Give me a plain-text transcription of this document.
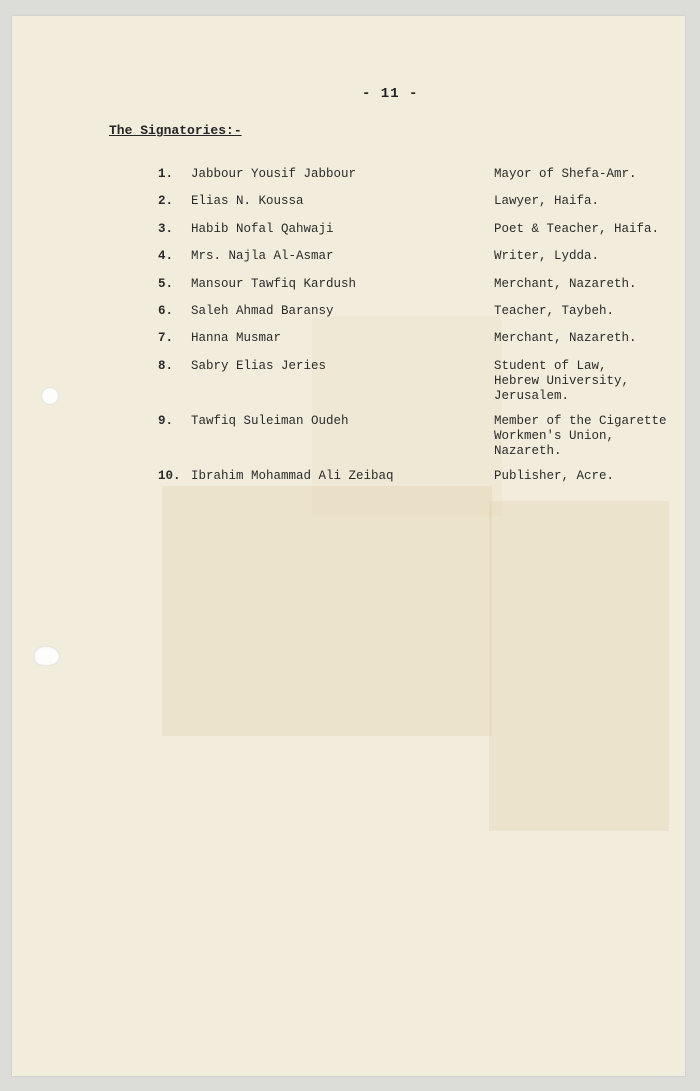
- 11 -
The Signatories:-
1. Jabbour Yousif Jabbour	Mayor of Shefa-Amr.
2. Elias N. Koussa	Lawyer, Haifa.
3. Habib Nofal Qahwaji	Poet & Teacher, Haifa.
4. Mrs. Najla Al-Asmar	Writer, Lydda.
5. Mansour Tawfiq Kardush	Merchant, Nazareth.
6. Saleh Ahmad Baransy	Teacher, Taybeh.
7. Hanna Musmar	Merchant, Nazareth.
8. Sabry Elias Jeries	Student of Law,
Hebrew University,
Jerusalem.
9. Tawfiq Suleiman Oudeh	Member of the Cigarette
Workmen's Union,
Nazareth.
10. Ibrahim Mohammad Ali Zeibaq	Publisher, Acre.
